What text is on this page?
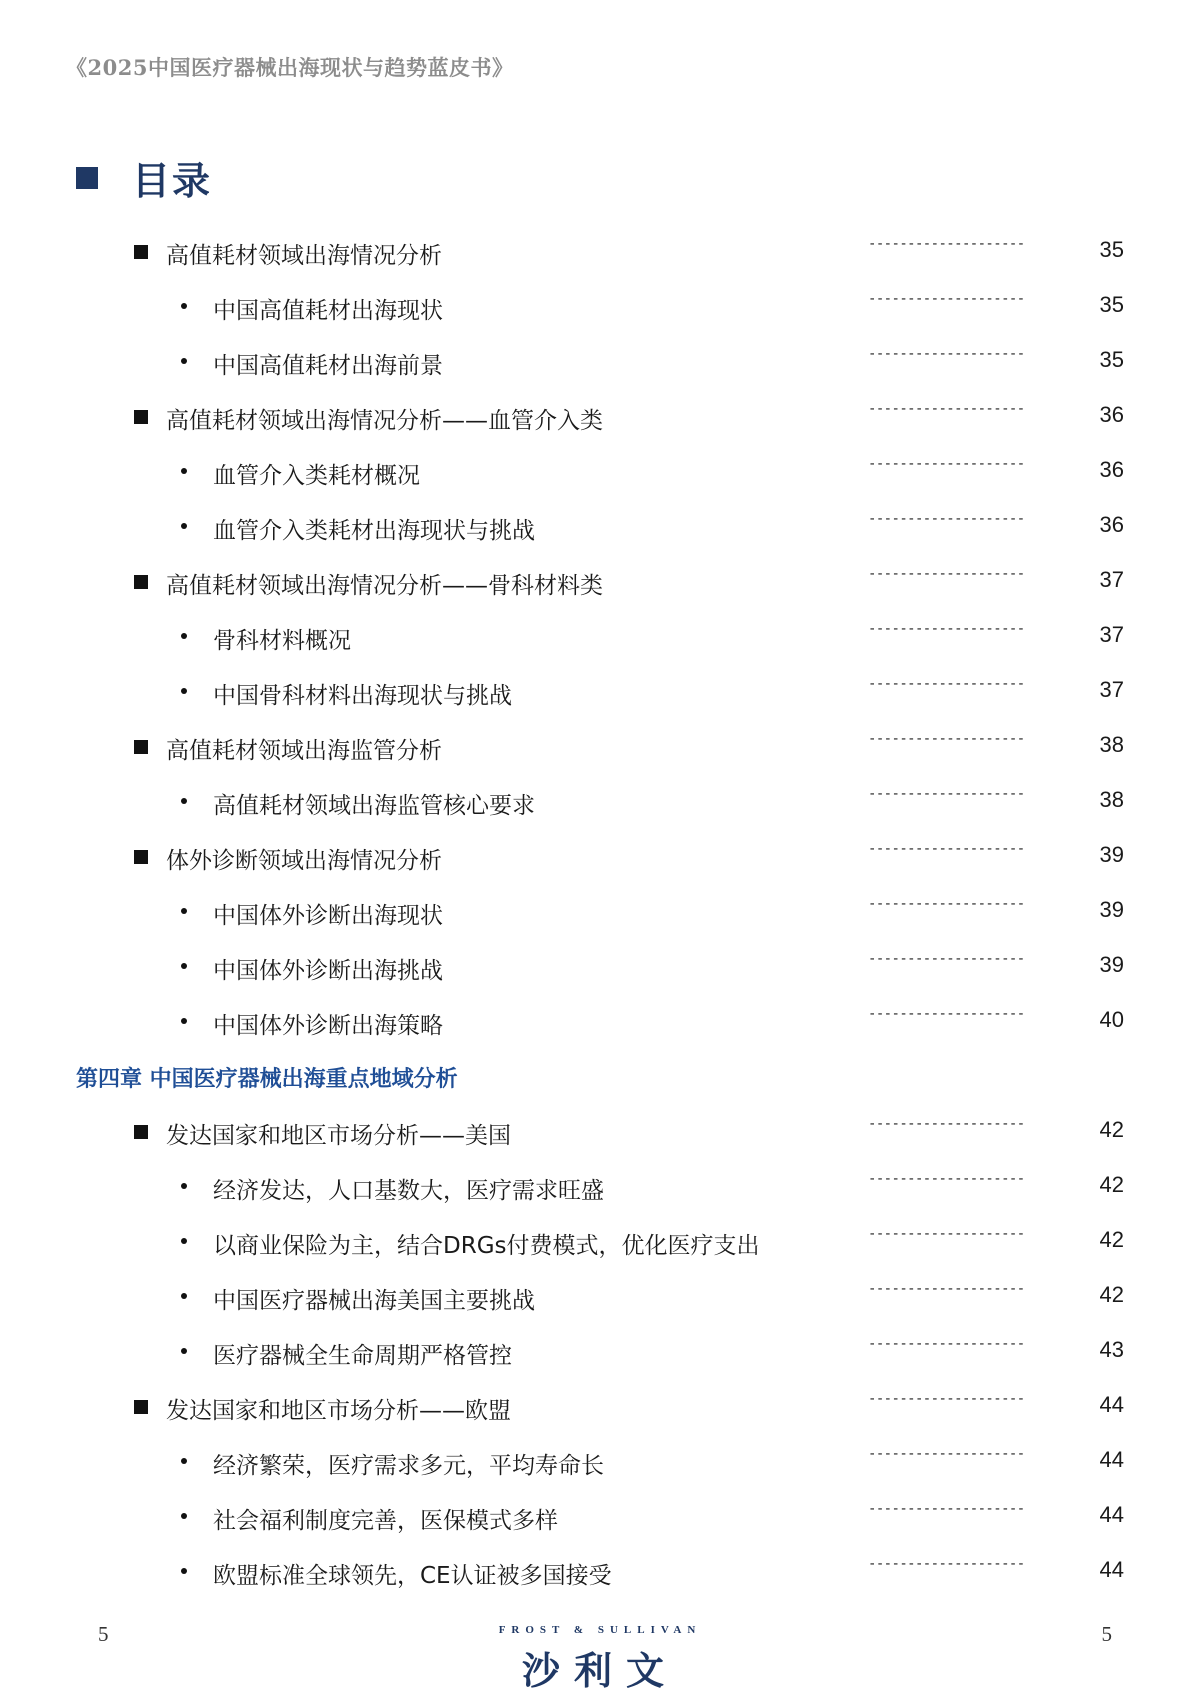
《2025中国医疗器械出海现状与趋势蓝皮书》
目录
高值耗材领域出海情况分析	--------------------	35
中国高值耗材出海现状	--------------------	35
中国高值耗材出海前景	--------------------	35
高值耗材领域出海情况分析——血管介入类	--------------------	36
血管介入类耗材概况	--------------------	36
血管介入类耗材出海现状与挑战	--------------------	36
高值耗材领域出海情况分析——骨科材料类	--------------------	37
骨科材料概况	--------------------	37
中国骨科材料出海现状与挑战	--------------------	37
高值耗材领域出海监管分析	--------------------	38
高值耗材领域出海监管核心要求	--------------------	38
体外诊断领域出海情况分析	--------------------	39
中国体外诊断出海现状	--------------------	39
中国体外诊断出海挑战	--------------------	39
中国体外诊断出海策略	--------------------	40
第四章 中国医疗器械出海重点地域分析
发达国家和地区市场分析——美国	--------------------	42
经济发达，人口基数大，医疗需求旺盛	--------------------	42
以商业保险为主，结合DRGs付费模式，优化医疗支出	--------------------	42
中国医疗器械出海美国主要挑战	--------------------	42
医疗器械全生命周期严格管控	--------------------	43
发达国家和地区市场分析——欧盟	--------------------	44
经济繁荣，医疗需求多元，平均寿命长	--------------------	44
社会福利制度完善，医保模式多样	--------------------	44
欧盟标准全球领先，CE认证被多国接受	--------------------	44
5	5
FROST & SULLIVAN
沙利文
